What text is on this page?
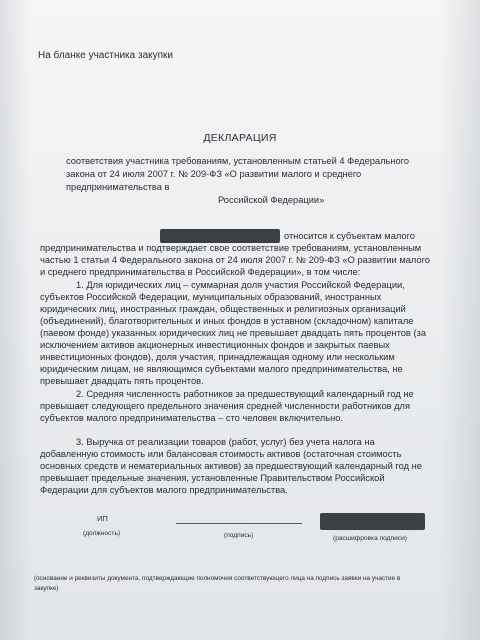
На бланке участника закупки
ДЕКЛАРАЦИЯ
соответствия участника требованиям, установленным статьей 4 Федерального
закона от 24 июля 2007 г. № 209-ФЗ «О развитии малого и среднего
предпринимательства в
Российской Федерации»
относится к субъектам малого
предпринимательства и подтверждает свое соответствие требованиям, установленным
частью 1 статьи 4 Федерального закона от 24 июля 2007 г. № 209-ФЗ «О развитии малого
и среднего предпринимательства в Российской Федерации», в том числе:
1. Для юридических лиц – суммарная доля участия Российской Федерации,
субъектов Российской Федерации, муниципальных образований, иностранных
юридических лиц, иностранных граждан, общественных и религиозных организаций
(объединений), благотворительных и иных фондов в уставном (складочном) капитале
(паевом фонде) указанных юридических лиц не превышает двадцать пять процентов (за
исключением активов акционерных инвестиционных фондов и закрытых паевых
инвестиционных фондов), доля участия, принадлежащая одному или нескольким
юридическим лицам, не являющимся субъектами малого предпринимательства, не
превышает двадцать пять процентов.
2. Средняя численность работников за предшествующий календарный год не
превышает следующего предельного значения средней численности работников для
субъектов малого предпринимательства – сто человек включительно.
3. Выручка от реализации товаров (работ, услуг) без учета налога на
добавленную стоимость или балансовая стоимость активов (остаточная стоимость
основных средств и нематериальных активов) за предшествующий календарный год не
превышает предельные значения, установленные Правительством Российской
Федерации для субъектов малого предпринимательства.
ИП
(должность)	(подпись)	(расшифровка подписи)
(основание и реквизиты документа, подтверждающие полномочия соответствующего лица на подпись заявки на участие в
закупке)
